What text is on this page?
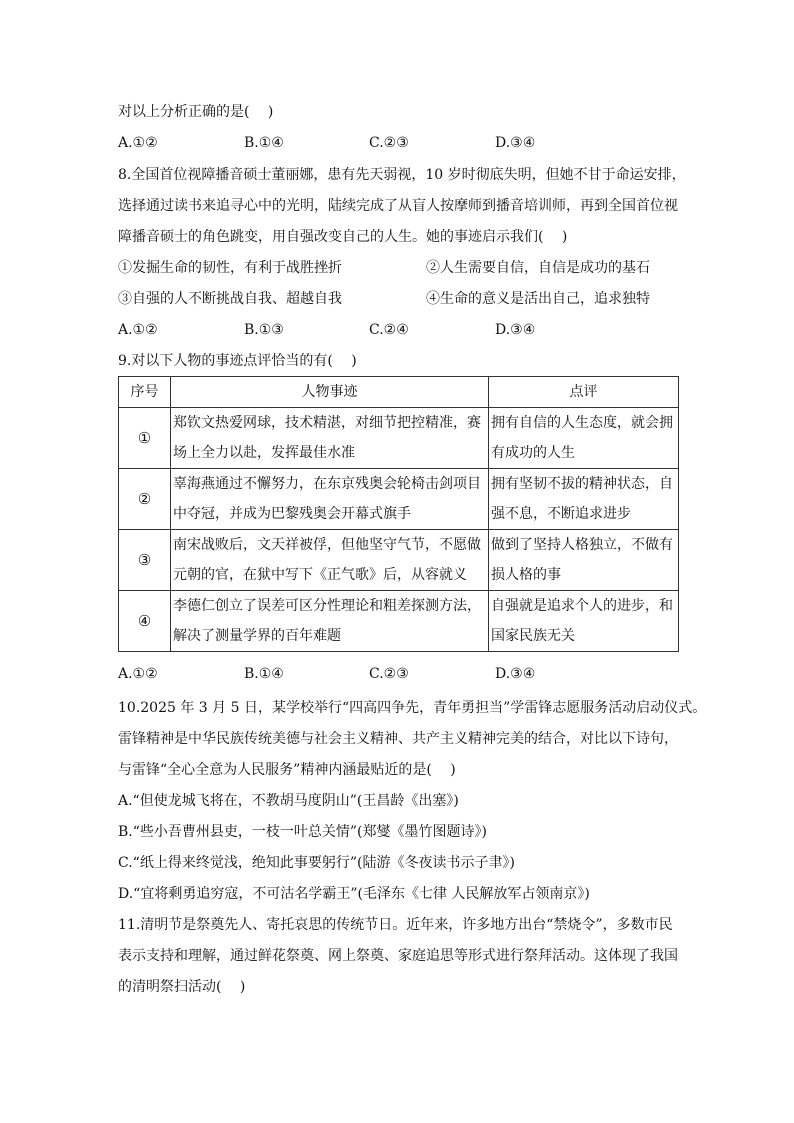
对以上分析正确的是(　 )
A.①②	B.①④	C.②③	D.③④
8.全国首位视障播音硕士董丽娜，患有先天弱视，10 岁时彻底失明，但她不甘于命运安排，
选择通过读书来追寻心中的光明，陆续完成了从盲人按摩师到播音培训师，再到全国首位视
障播音硕士的角色跳变，用自强改变自己的人生。她的事迹启示我们(　 )
①发掘生命的韧性，有利于战胜挫折	②人生需要自信，自信是成功的基石
③自强的人不断挑战自我、超越自我	④生命的意义是活出自己，追求独特
A.①②	B.①③	C.②④	D.③④
9.对以下人物的事迹点评恰当的有(　 )
序号	人物事迹	点评
①	郑钦文热爱网球，技术精湛，对细节把控精准，赛场上全力以赴，发挥最佳水准	拥有自信的人生态度，就会拥有成功的人生

②	辜海燕通过不懈努力，在东京残奥会轮椅击剑项目中夺冠，并成为巴黎残奥会开幕式旗手	拥有坚韧不拔的精神状态，自强不息，不断追求进步

③	南宋战败后，文天祥被俘，但他坚守气节，不愿做元朝的官，在狱中写下《正气歌》后，从容就义	做到了坚持人格独立，不做有损人格的事

④	李德仁创立了误差可区分性理论和粗差探测方法，解决了测量学界的百年难题	自强就是追求个人的进步，和国家民族无关
A.①②	B.①④	C.②③	D.③④
10.2025 年 3 月 5 日，某学校举行“四高四争先，青年勇担当”学雷锋志愿服务活动启动仪式。
雷锋精神是中华民族传统美德与社会主义精神、共产主义精神完美的结合，对比以下诗句，
与雷锋“全心全意为人民服务”精神内涵最贴近的是(　 )
A.“但使龙城飞将在，不教胡马度阴山”(王昌龄《出塞》)
B.“些小吾曹州县吏，一枝一叶总关情”(郑燮《墨竹图题诗》)
C.“纸上得来终觉浅，绝知此事要躬行”(陆游《冬夜读书示子聿》)
D.“宜将剩勇追穷寇，不可沽名学霸王”(毛泽东《七律 人民解放军占领南京》)
11.清明节是祭奠先人、寄托哀思的传统节日。近年来，许多地方出台“禁烧令”，多数市民
表示支持和理解，通过鲜花祭奠、网上祭奠、家庭追思等形式进行祭拜活动。这体现了我国
的清明祭扫活动(　 )
